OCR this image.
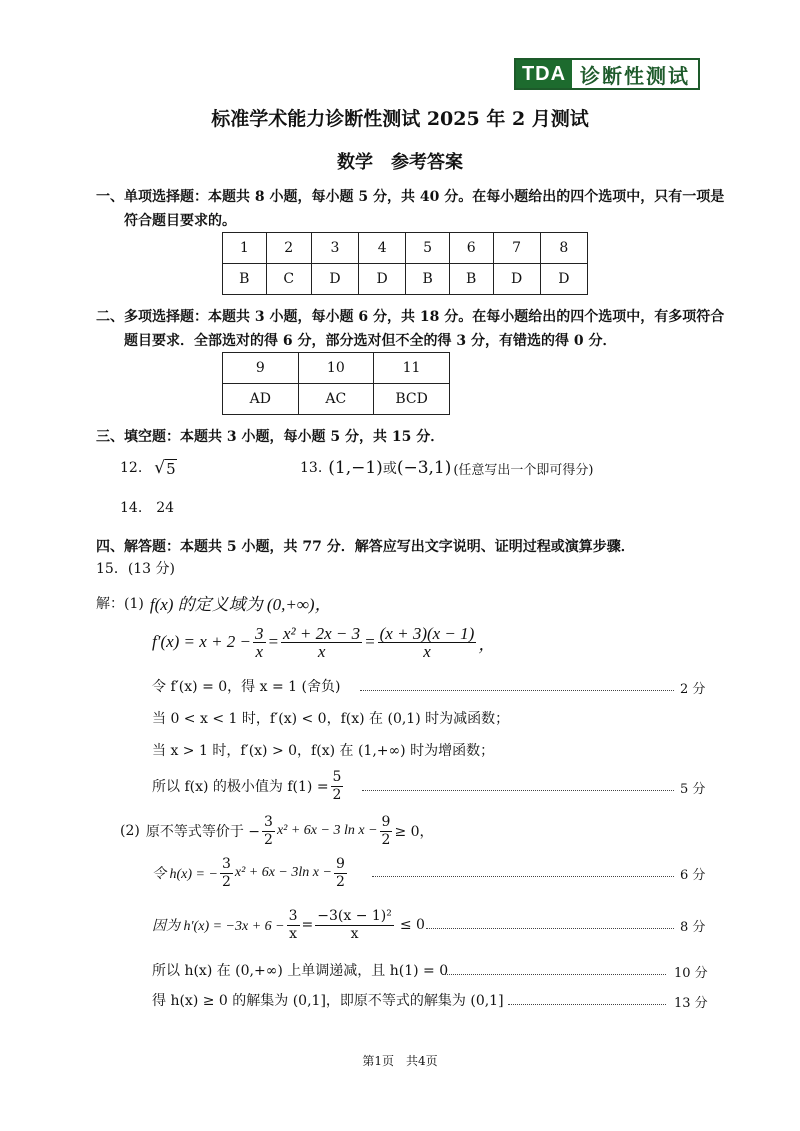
TDA 诊断性测试
标准学术能力诊断性测试 2025 年 2 月测试
数学　参考答案
一、单项选择题：本题共 8 小题，每小题 5 分，共 40 分。在每小题给出的四个选项中，只有一项是
符合题目要求的。
1	2	3	4	5	6	7	8
B	C	D	D	B	B	D	D
二、多项选择题：本题共 3 小题，每小题 6 分，共 18 分。在每小题给出的四个选项中，有多项符合
题目要求．全部选对的得 6 分，部分选对但不全的得 3 分，有错选的得 0 分．
9	10	11
AD	AC	BCD
三、填空题：本题共 3 小题，每小题 5 分，共 15 分．
12. √ 5	13. (1,−1) 或 (−3,1) (任意写出一个即可得分)
14.　24
四、解答题：本题共 5 小题，共 77 分．解答应写出文字说明、证明过程或演算步骤．
15．(13 分)
解：(1) f(x) 的定义域为 (0,+∞)，
$f'(x) = x + 2 - \frac{3}{x} = \frac{\text{x² + 2x − 3}}{x} = \frac{(x + 3)(x - 1)}{x}$ ，
令 f′(x) = 0，得 x = 1 (舍负)	2 分
当 0 < x < 1 时，f′(x) < 0，f(x) 在 (0,1) 时为减函数；
当 x > 1 时，f′(x) > 0，f(x) 在 (1,+∞) 时为增函数；
所以 f(x) 的极小值为 $f(1) = \frac{5}{2}$	5 分
(2) 原不等式等价于 − $\frac{3}{2} x^2 + 6x - 3$ $\ln x - \frac{9}{2} \ge 0$，
令 h(x) = − $\frac{3}{2} x^2 + 6x - 3\ln$ $x - \frac{9}{2}$	6 分
因为 $h'(x) = -3x + 6 - \frac{3}{x} = \frac{\text{−3(x − 1)²}}{x} \le 0$	8 分
所以 h(x) 在 (0,+∞) 上单调递减，且 h(1) = 0	10 分
得 h(x) ≥ 0 的解集为 (0,1]，即原不等式的解集为 (0,1]	13 分
第1页　共4页
